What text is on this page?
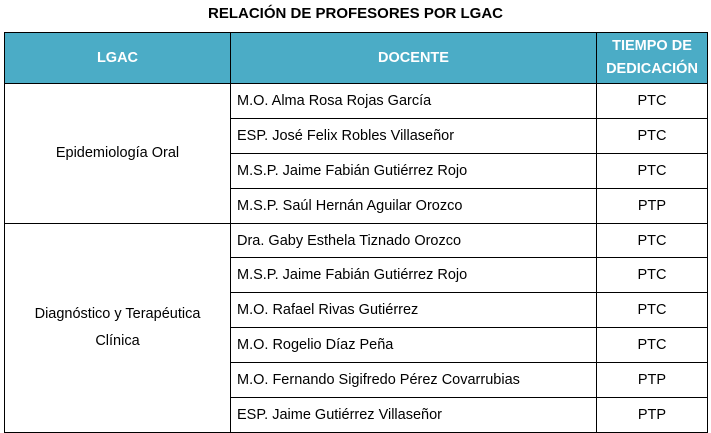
RELACIÓN DE PROFESORES POR LGAC
LGAC	DOCENTE	TIEMPO DE
DEDICACIÓN

Epidemiología Oral	M.O. Alma Rosa Rojas García	PTC
	ESP. José Felix Robles Villaseñor	PTC
	M.S.P. Jaime Fabián Gutiérrez Rojo	PTC
	M.S.P. Saúl Hernán Aguilar Orozco	PTP

Diagnóstico y Terapéutica
Clínica	Dra. Gaby Esthela Tiznado Orozco	PTC
	M.S.P. Jaime Fabián Gutiérrez Rojo	PTC
	M.O. Rafael Rivas Gutiérrez	PTC
	M.O. Rogelio Díaz Peña	PTC
	M.O. Fernando Sigifredo Pérez Covarrubias	PTP
	ESP. Jaime Gutiérrez Villaseñor	PTP
